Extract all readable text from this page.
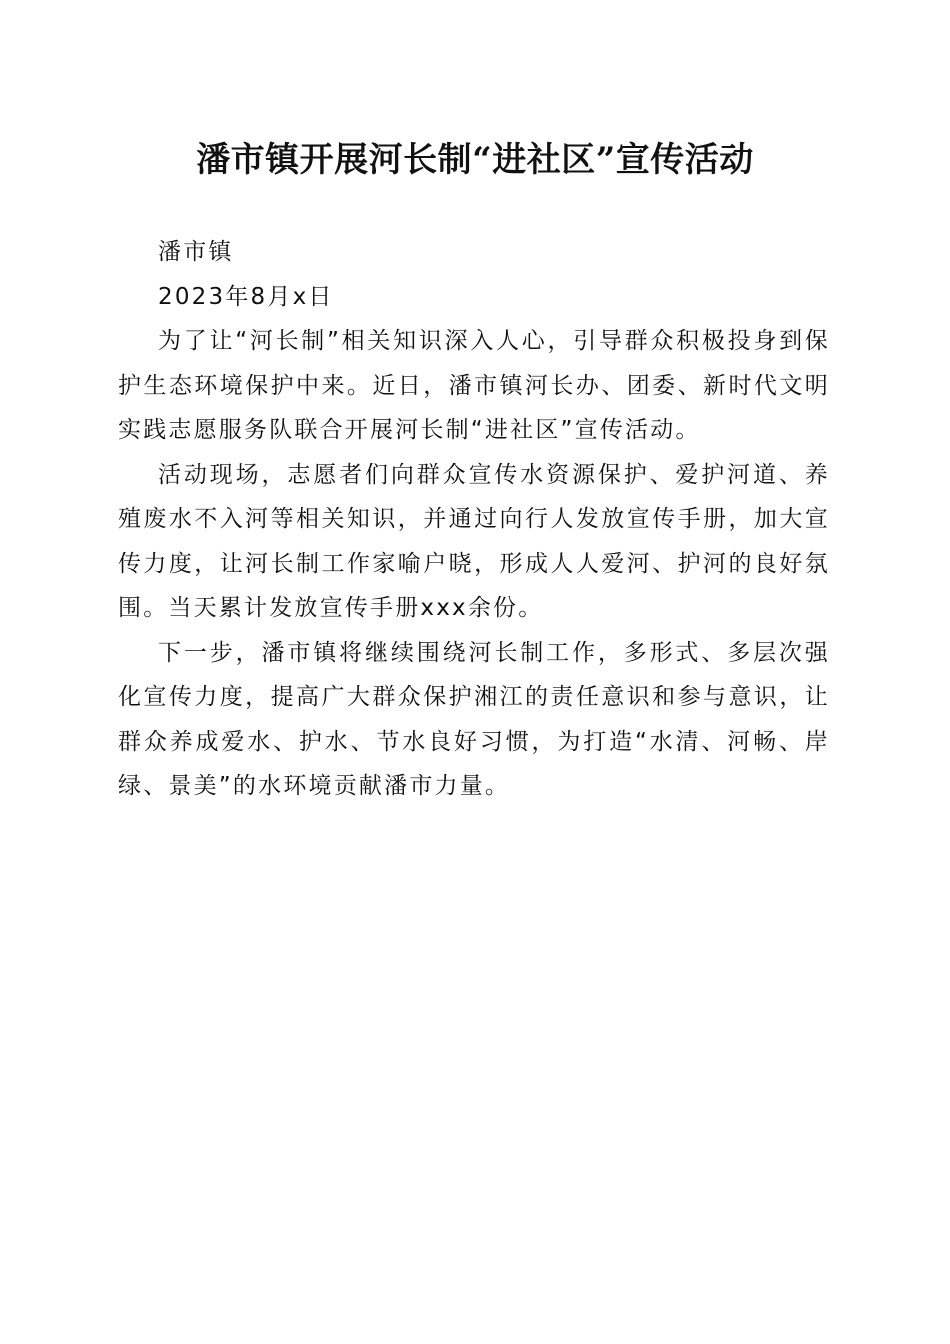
潘市镇开展河长制“进社区”宣传活动

潘市镇

2023年8月x日

为了让“河长制”相关知识深入人心，引导群众积极投身到保护生态环境保护中来。近日，潘市镇河长办、团委、新时代文明实践志愿服务队联合开展河长制“进社区”宣传活动。

活动现场，志愿者们向群众宣传水资源保护、爱护河道、养殖废水不入河等相关知识，并通过向行人发放宣传手册，加大宣传力度，让河长制工作家喻户晓，形成人人爱河、护河的良好氛围。当天累计发放宣传手册xxx余份。

下一步，潘市镇将继续围绕河长制工作，多形式、多层次强化宣传力度，提高广大群众保护湘江的责任意识和参与意识，让群众养成爱水、护水、节水良好习惯，为打造“水清、河畅、岸绿、景美”的水环境贡献潘市力量。
